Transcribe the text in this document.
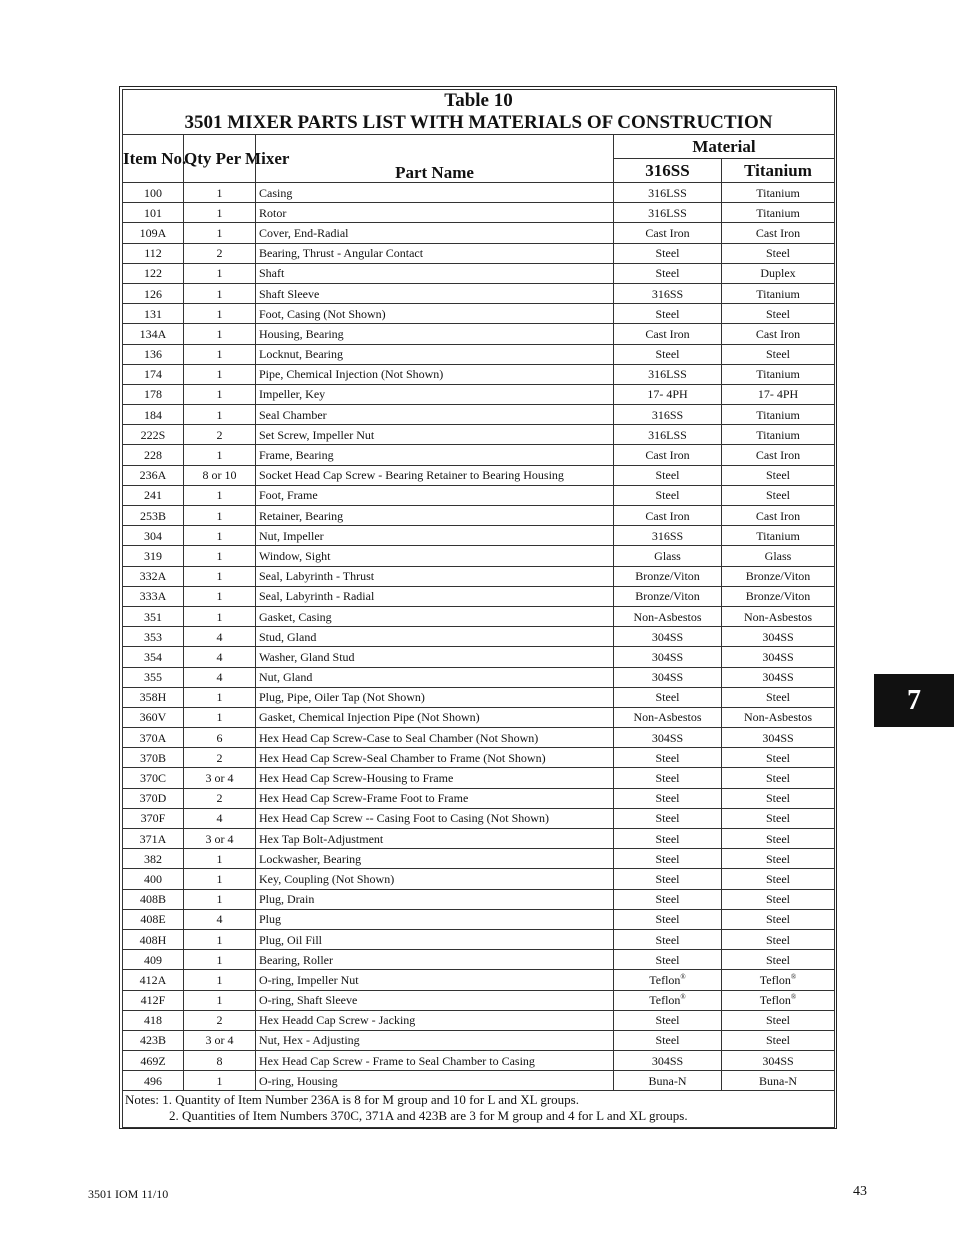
Table 10
3501 MIXER PARTS LIST WITH MATERIALS OF CONSTRUCTION				

Item No.	Qty Per Mixer	Part Name	Material	
			316SS	Titanium
100	1	Casing	316LSS	Titanium
101	1	Rotor	316LSS	Titanium
109A	1	Cover, End-Radial	Cast Iron	Cast Iron
112	2	Bearing, Thrust - Angular Contact	Steel	Steel
122	1	Shaft	Steel	Duplex
126	1	Shaft Sleeve	316SS	Titanium
131	1	Foot, Casing (Not Shown)	Steel	Steel
134A	1	Housing, Bearing	Cast Iron	Cast Iron
136	1	Locknut, Bearing	Steel	Steel
174	1	Pipe, Chemical Injection (Not Shown)	316LSS	Titanium
178	1	Impeller, Key	17- 4PH	17- 4PH
184	1	Seal Chamber	316SS	Titanium
222S	2	Set Screw, Impeller Nut	316LSS	Titanium
228	1	Frame, Bearing	Cast Iron	Cast Iron
236A	8 or 10	Socket Head Cap Screw - Bearing Retainer to Bearing Housing	Steel	Steel
241	1	Foot, Frame	Steel	Steel
253B	1	Retainer, Bearing	Cast Iron	Cast Iron
304	1	Nut, Impeller	316SS	Titanium
319	1	Window, Sight	Glass	Glass
332A	1	Seal, Labyrinth - Thrust	Bronze/Viton	Bronze/Viton
333A	1	Seal, Labyrinth - Radial	Bronze/Viton	Bronze/Viton
351	1	Gasket, Casing	Non-Asbestos	Non-Asbestos
353	4	Stud, Gland	304SS	304SS
354	4	Washer, Gland Stud	304SS	304SS
355	4	Nut, Gland	304SS	304SS
358H	1	Plug, Pipe, Oiler Tap (Not Shown)	Steel	Steel
360V	1	Gasket, Chemical Injection Pipe (Not Shown)	Non-Asbestos	Non-Asbestos
370A	6	Hex Head Cap Screw-Case to Seal Chamber (Not Shown)	304SS	304SS
370B	2	Hex Head Cap Screw-Seal Chamber to Frame (Not Shown)	Steel	Steel
370C	3 or 4	Hex Head Cap Screw-Housing to Frame	Steel	Steel
370D	2	Hex Head Cap Screw-Frame Foot to Frame	Steel	Steel
370F	4	Hex Head Cap Screw -- Casing Foot to Casing (Not Shown)	Steel	Steel
371A	3 or 4	Hex Tap Bolt-Adjustment	Steel	Steel
382	1	Lockwasher, Bearing	Steel	Steel
400	1	Key, Coupling (Not Shown)	Steel	Steel
408B	1	Plug, Drain	Steel	Steel
408E	4	Plug	Steel	Steel
408H	1	Plug, Oil Fill	Steel	Steel
409	1	Bearing, Roller	Steel	Steel
412A	1	O-ring, Impeller Nut	Teflon®	Teflon®
412F	1	O-ring, Shaft Sleeve	Teflon®	Teflon®
418	2	Hex Headd Cap Screw - Jacking	Steel	Steel
423B	3 or 4	Nut, Hex - Adjusting	Steel	Steel
469Z	8	Hex Head Cap Screw - Frame to Seal Chamber to Casing	304SS	304SS
496	1	O-ring, Housing	Buna-N	Buna-N

Notes: 1. Quantity of Item Number 236A is 8 for M group and 10 for L and XL groups.
2. Quantities of Item Numbers 370C, 371A and 423B are 3 for M group and 4 for L and XL groups.				
7
3501 IOM 11/10	43
